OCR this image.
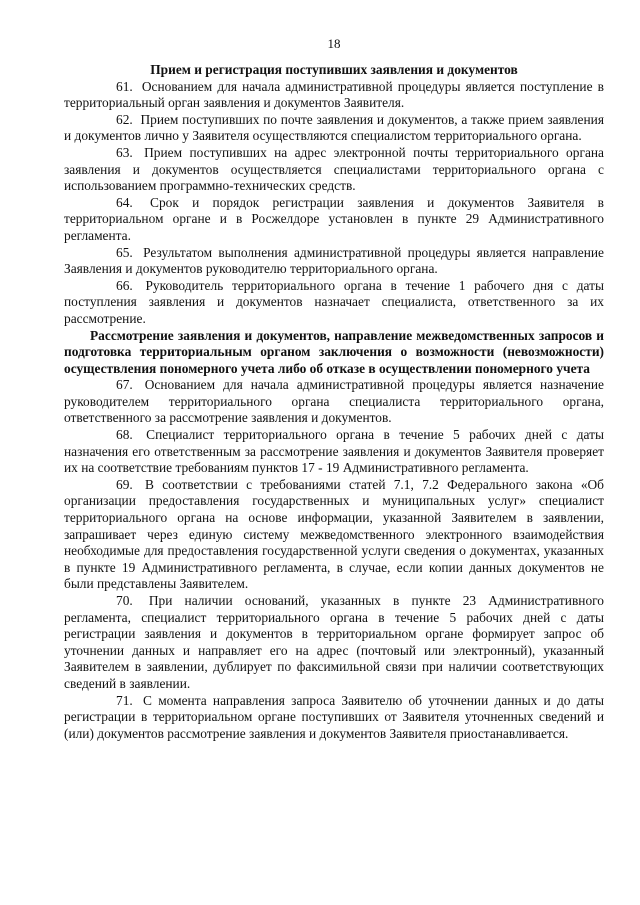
18

Прием и регистрация поступивших заявления и документов

61. Основанием для начала административной процедуры является поступление в территориальный орган заявления и документов Заявителя.

62. Прием поступивших по почте заявления и документов, а также прием заявления и документов лично у Заявителя осуществляются специалистом территориального органа.

63. Прием поступивших на адрес электронной почты территориального органа заявления и документов осуществляется специалистами территориального органа с использованием программно-технических средств.

64. Срок и порядок регистрации заявления и документов Заявителя в территориальном органе и в Росжелдоре установлен в пункте 29 Административного регламента.

65. Результатом выполнения административной процедуры является направление Заявления и документов руководителю территориального органа.

66. Руководитель территориального органа в течение 1 рабочего дня с даты поступления заявления и документов назначает специалиста, ответственного за их рассмотрение.

Рассмотрение заявления и документов, направление межведомственных запросов и подготовка территориальным органом заключения о возможности (невозможности) осуществления пономерного учета либо об отказе в осуществлении пономерного учета

67. Основанием для начала административной процедуры является назначение руководителем территориального органа специалиста территориального органа, ответственного за рассмотрение заявления и документов.

68. Специалист территориального органа в течение 5 рабочих дней с даты назначения его ответственным за рассмотрение заявления и документов Заявителя проверяет их на соответствие требованиям пунктов 17 - 19 Административного регламента.

69. В соответствии с требованиями статей 7.1, 7.2 Федерального закона «Об организации предоставления государственных и муниципальных услуг» специалист территориального органа на основе информации, указанной Заявителем в заявлении, запрашивает через единую систему межведомственного электронного взаимодействия необходимые для предоставления государственной услуги сведения о документах, указанных в пункте 19 Административного регламента, в случае, если копии данных документов не были представлены Заявителем.

70. При наличии оснований, указанных в пункте 23 Административного регламента, специалист территориального органа в течение 5 рабочих дней с даты регистрации заявления и документов в территориальном органе формирует запрос об уточнении данных и направляет его на адрес (почтовый или электронный), указанный Заявителем в заявлении, дублирует по факсимильной связи при наличии соответствующих сведений в заявлении.

71. С момента направления запроса Заявителю об уточнении данных и до даты регистрации в территориальном органе поступивших от Заявителя уточненных сведений и (или) документов рассмотрение заявления и документов Заявителя приостанавливается.
